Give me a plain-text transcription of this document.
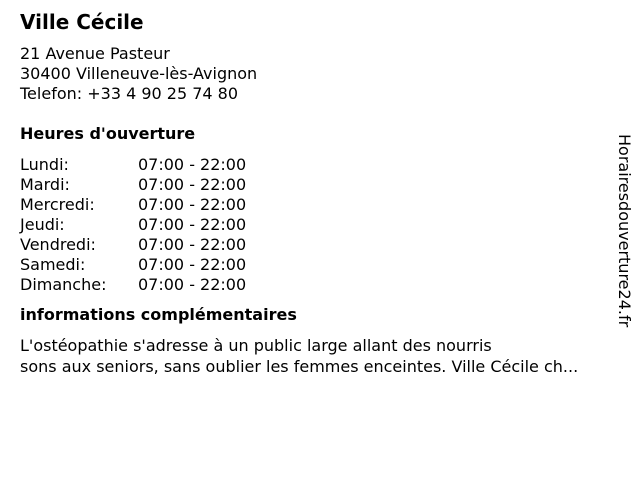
Ville Cécile

21 Avenue Pasteur

30400 Villeneuve-lès-Avignon

Telefon: +33 4 90 25 74 80

Heures d'ouverture
Lundi:	07:00 - 22:00
Mardi:	07:00 - 22:00
Mercredi:	07:00 - 22:00
Jeudi:	07:00 - 22:00
Vendredi:	07:00 - 22:00
Samedi:	07:00 - 22:00
Dimanche:	07:00 - 22:00
informations complémentaires

L'ostéopathie s'adresse à un public large allant des nourris

sons aux seniors, sans oublier les femmes enceintes. Ville Cécile ch...

Horairesdouverture24.fr
